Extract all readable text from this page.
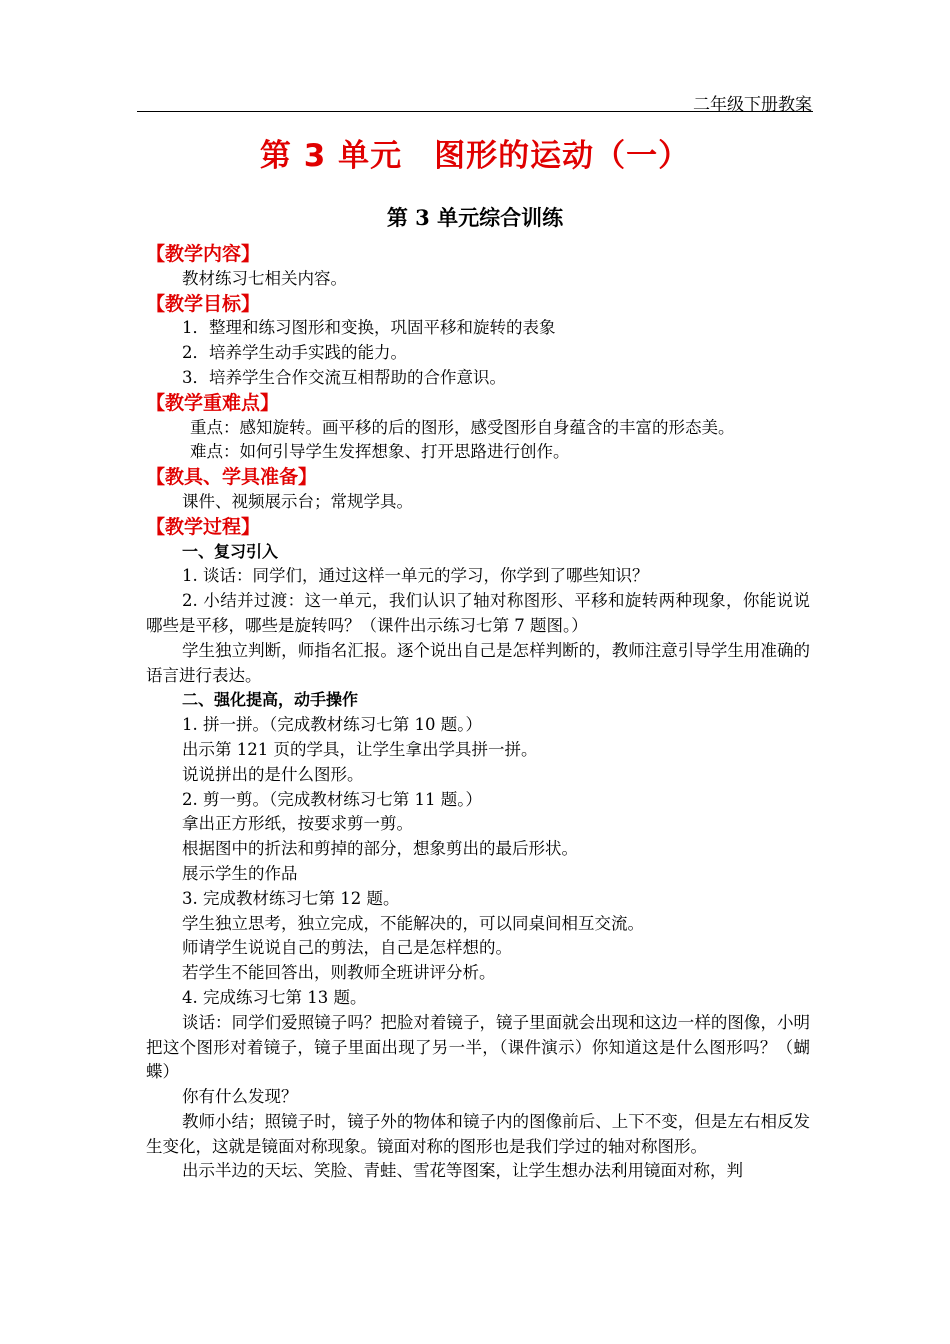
二年级下册教案
第 3 单元　图形的运动（一）
第 3 单元综合训练
【教学内容】
教材练习七相关内容。
【教学目标】
1．整理和练习图形和变换，巩固平移和旋转的表象
2．培养学生动手实践的能力。
3．培养学生合作交流互相帮助的合作意识。
【教学重难点】
重点：感知旋转。画平移的后的图形，感受图形自身蕴含的丰富的形态美。
难点：如何引导学生发挥想象、打开思路进行创作。
【教具、学具准备】
课件、视频展示台；常规学具。
【教学过程】
一、复习引入
1. 谈话：同学们，通过这样一单元的学习，你学到了哪些知识？
2. 小结并过渡：这一单元，我们认识了轴对称图形、平移和旋转两种现象，你能说说哪些是平移，哪些是旋转吗？（课件出示练习七第 7 题图。）
学生独立判断，师指名汇报。逐个说出自己是怎样判断的，教师注意引导学生用准确的语言进行表达。
二、强化提高，动手操作
1. 拼一拼。（完成教材练习七第 10 题。）
出示第 121 页的学具，让学生拿出学具拼一拼。
说说拼出的是什么图形。
2. 剪一剪。（完成教材练习七第 11 题。）
拿出正方形纸，按要求剪一剪。
根据图中的折法和剪掉的部分，想象剪出的最后形状。
展示学生的作品
3. 完成教材练习七第 12 题。
学生独立思考，独立完成，不能解决的，可以同桌间相互交流。
师请学生说说自己的剪法，自己是怎样想的。
若学生不能回答出，则教师全班讲评分析。
4. 完成练习七第 13 题。
谈话：同学们爱照镜子吗？把脸对着镜子，镜子里面就会出现和这边一样的图像，小明把这个图形对着镜子，镜子里面出现了另一半，（课件演示）你知道这是什么图形吗？（蝴蝶）
你有什么发现？
教师小结；照镜子时，镜子外的物体和镜子内的图像前后、上下不变，但是左右相反发生变化，这就是镜面对称现象。镜面对称的图形也是我们学过的轴对称图形。
出示半边的天坛、笑脸、青蛙、雪花等图案，让学生想办法利用镜面对称，判
